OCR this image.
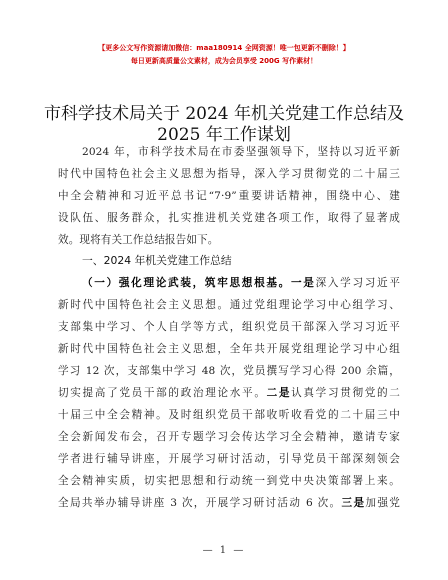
【更多公文写作资源请加微信：maa180914 全网资源！唯一包更新不删除！】
每日更新高质量公文素材，成为会员享受 200G 写作素材！
市科学技术局关于 2024 年机关党建工作总结及
2025 年工作谋划
2024 年，市科学技术局在市委坚强领导下，坚持以习近平新
时代中国特色社会主义思想为指导，深入学习贯彻党的二十届三
中全会精神和习近平总书记“7·9”重要讲话精神，围绕中心、建
设队伍、服务群众，扎实推进机关党建各项工作，取得了显著成
效。现将有关工作总结报告如下。
一、2024 年机关党建工作总结
（一）强化理论武装，筑牢思想根基。一是深入学习习近平
新时代中国特色社会主义思想。通过党组理论学习中心组学习、
支部集中学习、个人自学等方式，组织党员干部深入学习习近平
新时代中国特色社会主义思想，全年共开展党组理论学习中心组
学习 12 次，支部集中学习 48 次，党员撰写学习心得 200 余篇，
切实提高了党员干部的政治理论水平。二是认真学习贯彻党的二
十届三中全会精神。及时组织党员干部收听收看党的二十届三中
全会新闻发布会，召开专题学习会传达学习全会精神，邀请专家
学者进行辅导讲座，开展学习研讨活动，引导党员干部深刻领会
全会精神实质，切实把思想和行动统一到党中央决策部署上来。
全局共举办辅导讲座 3 次，开展学习研讨活动 6 次。三是加强党
— 1 —
